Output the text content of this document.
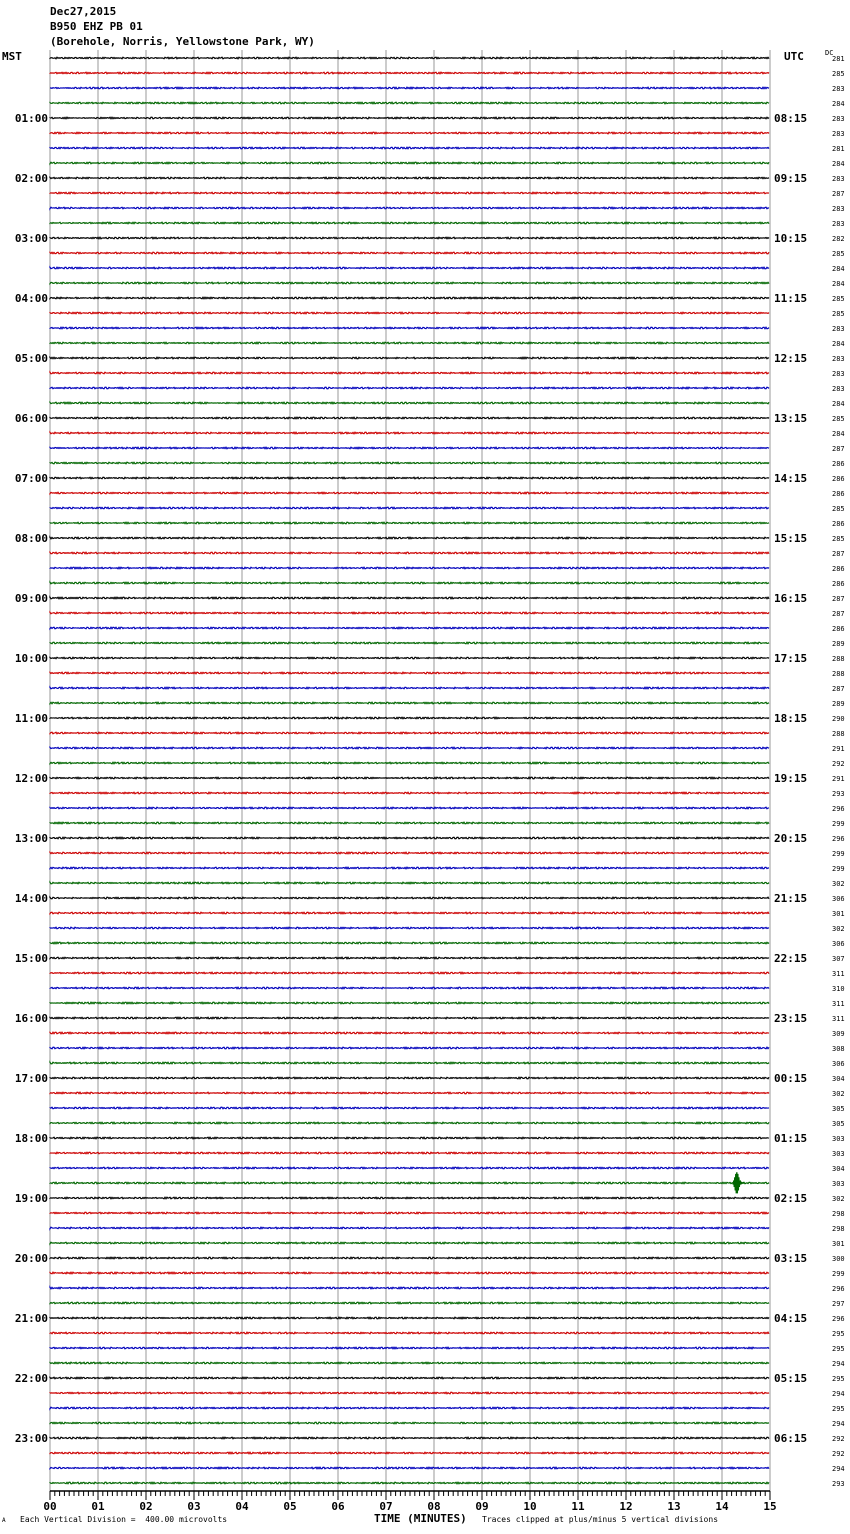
Dec27,2015
B950 EHZ PB 01
(Borehole, Norris, Yellowstone Park, WY)
MST	UTC	DC
01:00
02:00
03:00
04:00
05:00
06:00
07:00
08:00
09:00
10:00
11:00
12:00
13:00
14:00
15:00
16:00
17:00
18:00
19:00
20:00
21:00
22:00
23:00
08:15
09:15
10:15
11:15
12:15
13:15
14:15
15:15
16:15
17:15
18:15
19:15
20:15
21:15
22:15
23:15
00:15
01:15
02:15
03:15
04:15
05:15
06:15
281
285
283
284
283
283
281
284
283
287
283
283
282
285
284
284
285
285
283
284
283
283
283
284
285
284
287
286
286
286
285
286
285
287
286
286
287
287
286
289
288
288
287
289
290
288
291
292
291
293
296
299
296
299
299
302
306
301
302
306
307
311
310
311
311
309
308
306
304
302
305
305
303
303
304
303
302
298
298
301
300
299
296
297
296
295
295
294
295
294
295
294
292
292
294
293
00	01	02	03	04	05	06	07	08	09	10	11	12	13	14	15
A Each Vertical Division =  400.00 microvolts	TIME (MINUTES) Traces clipped at plus/minus 5 vertical divisions
